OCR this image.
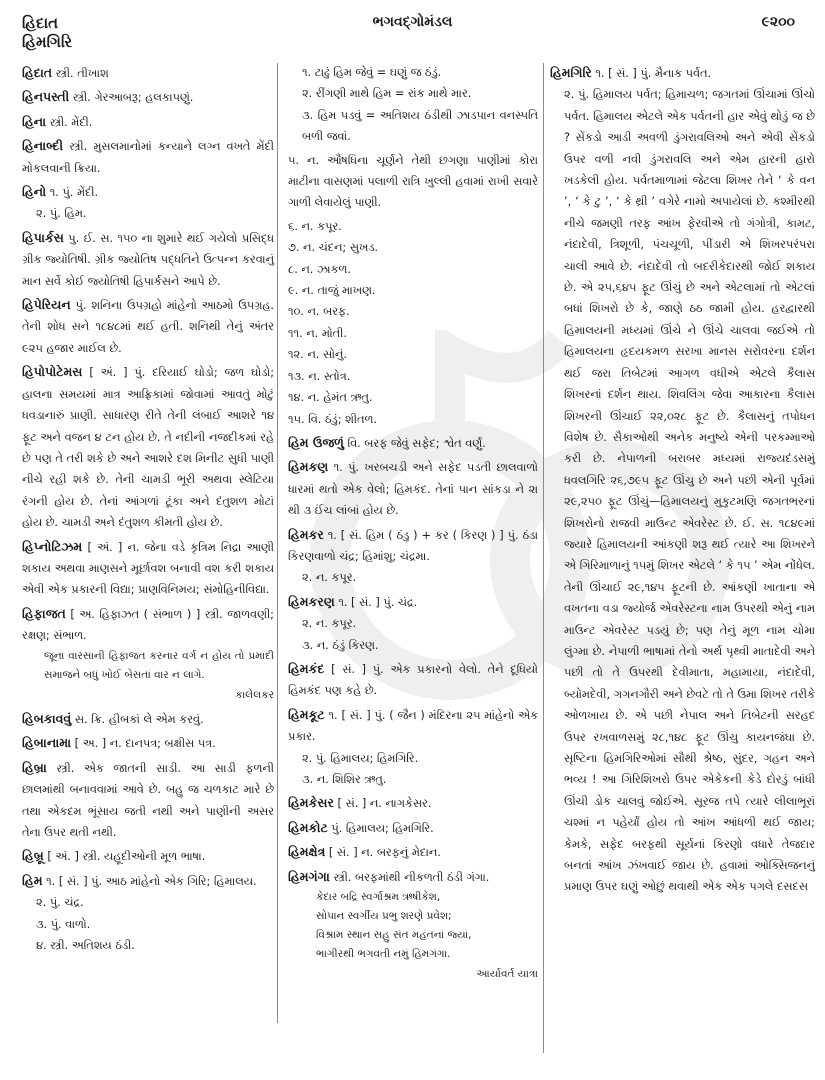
હિદાત
હિમગિરિ
ભગવદ્ગોમંડલ	૯૨૦૦
હિદાત સ્ત્રી. તીખાશ
હિનપસ્તી સ્ત્રી. ગેરઆબરૂ; હલકાપણું.
હિના સ્ત્રી. મેંદી.
હિનાબ્દી સ્ત્રી. મુસલમાનોમાં કન્યાને લગ્ન વખતે મેંદી મોકલવાની ક્રિયા.
હિનો ૧. પું. મેંદી.
૨. પું. હિમ.
હિપાર્કસ પુ. ઈ. સ. ૧૫૦ ના શુમારે થઈ ગયેલો પ્રસિદ્ધ ગ્રીક જ્યોતિષી. ગ્રીક જ્યોતિષ પદ્ધતિને ઉત્પન્ન કરવાનું માન સર્વે કોઈ જ્યોતિષી હિપાર્કસને આપે છે.
હિપેરિયન પું. શનિના ઉપગ્રહો માંહેનો આઠમો ઉપગ્રહ. તેની શોધ સને ૧૮૪૮માં થઈ હતી. શનિથી તેનું અંતર ૯૨૫ હજાર માઈલ છે.
હિપોપોટેમસ [ અં. ] પું. દરિયાઈ ઘોડો; જળ ઘોડો; હાલના સમયમાં માત્ર આફ્રિકામાં જોવામાં આવતું મોટું ધવડાનારું પ્રાણી. સાધારણ રીતે તેની લંબાઈ આશરે ૧૪ ફૂટ અને વજન ૪ ટન હોય છે. તે નદીની નજદીકમાં રહે છે પણ તે તરી શકે છે અને આશરે દશ મિનીટ સુધી પાણી નીચે રહી શકે છે. તેની ચામડી ભૂરી અથવા સ્લેટિયા રંગની હોય છે. તેનાં આંગળાં ટૂંકા અને દંતુશળ મોટાં હોય છે. ચામડી અને દંતુશળ કીમતી હોય છે.
હિપ્નોટિઝમ [ અં. ] ન. જેના વડે કૃત્રિમ નિદ્રા આણી શકાય અથવા માણસને મૂર્છાવશ બનાવી વશ કરી શકાય એવી એક પ્રકારની વિદ્યા; પ્રાણવિનિમય; સંમોહિનીવિદ્યા.
હિફાજત [ અ. હિફાઝત ( સંભાળ ) ] સ્ત્રી. જાળવણી; રક્ષણ; સંભાળ.
જૂના વારસાની હિફાજત કરનાર વર્ગ ન હોય તો પ્રમાદી સમાજને બધું ખોઈ બેસતાં વાર ન લાગે.
કાલેલકર
હિબકાવવું સ. ક્રિ. હીબકાં લે એમ કરવું.
હિબાનામા [ અ. ] ન. દાનપત્ર; બક્ષીસ પત્ર.
હિબ્રા સ્ત્રી. એક જાતની સાડી. આ સાડી ફળની છાલમાંથી બનાવવામાં આવે છે. બહુ જ ચળકાટ મારે છે તથા એકદમ ભૂંસાય જતી નથી અને પાણીની અસર તેના ઉપર થતી નથી.
હિબ્રૂ [ અં. ] સ્ત્રી. યહૂદીઓની મૂળ ભાષા.
હિમ ૧. [ સં. ] પું. આઠ માંહેનો એક ગિરિ; હિમાલય.
૨. પું. ચંદ્ર.
૩. પું. વાળો.
૪. સ્ત્રી. અતિશય ઠંડી.
૧. ટાઢું હિમ જેવું = ઘણું જ ઠંડું.
૨. રીંગણી માથે હિમ = રાંક માથે માર.
૩. હિમ પડવું = અતિશય ઠંડીથી ઝાડપાન વનસ્પતિ બળી જવાં.
૫. ન. ઔષધિના ચૂર્ણને તેથી છગણા પાણીમાં કોરા માટીના વાસણમાં પલાળી રાત્રિ ખુલ્લી હવામાં રાખી સવારે ગાળી લેવાયેલું પાણી.
૬. ન. કપૂર.
૭. ન. ચંદન; સુખડ.
૮. ન. ઝાકળ.
૯. ન. તાજું માખણ.
૧૦. ન. બરફ.
૧૧. ન. મોતી.
૧૨. ન. સોનું.
૧૩. ન. સ્તોત્ર.
૧૪. ન. હેમંત ઋતુ.
૧૫. વિ. ઠંડું; શીતળ.
હિમ ઉજળું વિ. બરફ જેવું સફેદ; શ્વેત વર્ણું.
હિમકણ ૧. પું. ખરબચડી અને સફેદ પડતી છાલવાળો ધારમાં થતો એક વેલો; હિમકંદ. તેનાં પાન સાંકડા ને ૨ા થી ૩ ઈંચ લાંબાં હોય છે.
હિમકર ૧. [ સં. હિમ ( ઠંડુ ) + કર ( કિરણ ) ] પું. ઠંડા કિરણવાળો ચંદ્ર; હિમાંશુ; ચંદ્રમા.
૨. ન. કપૂર.
હિમકરણ ૧. [ સં. ] પું. ચંદ્ર.
૨. ન. કપૂર.
૩. ન. ઠંડું કિરણ.
હિમકંદ [ સં. ] પું. એક પ્રકારનો વેલો. તેને દૂધિયો હિમકંદ પણ કહે છે.
હિમકૂટ ૧. [ સં. ] પું. ( જૈન ) મંદિરના ૨૫ માંહેનો એક પ્રકાર.
૨. પું. હિમાલય; હિમગિરિ.
૩. ન. શિશિર ઋતુ.
હિમકેસર [ સં. ] ન. નાગકેસર.
હિમકોટ પું. હિમાલય; હિમગિરિ.
હિમક્ષેત્ર [ સં. ] ન. બરફનું મેદાન.
હિમગંગા સ્ત્રી. બરફમાંથી નીકળતી ઠંડી ગંગા.
કેદાર બદ્રિ સ્વર્ગાશ્રમ ઋષીકેશ,
સોપાન સ્વર્ગીય પ્રભુ શરણે પ્રવેશ;
વિશ્રામ સ્થાન સહુ સંત મહંતનાં જ્યાં,
ભાગીરથી ભગવતી નમું હિમગંગા.
આર્યાવર્ત યાત્રા
હિમગિરિ ૧. [ સં. ] પું. મૈનાક પર્વત.
૨. પું. હિમાલય પર્વત; હિમાચળ; જગતમાં ઊંચામાં ઊંચો પર્વત. હિમાલય એટલે એક પર્વતની હાર એવું થોડું જ છે ? સેંકડો આડી અવળી ડુંગરાવલિઓ અને એવી સેંકડો ઉપર વળી નવી ડુંગરાવલિ અને એમ હારની હારો ખડકેલી હોય. પર્વતમાળામાં જેટલા શિખર તેને ‘ કે વન ’, ‘ કે ટુ ’, ‘ કે થ્રી ’ વગેરે નામો અપાયેલાં છે. કશ્મીરથી નીચે જમણી તરફ આંખ ફેરવીએ તો ગંગોત્રી, કામટ, નંદાદેવી, ત્રિશૂળી, પંચચૂળી, પીંડારી એ શિખરપરંપરા ચાલી આવે છે. નંદાદેવી તો બદરીકેદારથી જોઈ શકાય છે. એ ૨૫,૬૪૫ ફૂટ ઊંચું છે અને એટલામાં તો એટલાં બધાં શિખરો છે કે, જાણે ઠઠ જામી હોય. હરદ્વારથી હિમાલયની મધ્યમાં ઊંચે ને ઊંચે ચાલવા જઈએ તો હિમાલયના હૃદયકમળ સરખા માનસ સરોવરના દર્શન થઈ જરા તિબેટમાં આગળ વધીએ એટલે કૈલાસ શિખરનાં દર્શન થાય. શિવલિંગ જેવા આકારના કૈલાસ શિખરની ઊંચાઈ ૨૨,૦૨૮ ફૂટ છે. કૈલાસનું તપોધન વિશેષ છે. સૈકાઓથી અનેક મનુષ્યે એની પરકમ્માઓ કરી છે. નેપાળની બરાબર મધ્યમાં રાજ્યદંડસમું ધવલગિરિ ૨૬,૭૯૫ ફૂટ ઊંચુ છે અને પછી એની પૂર્વમાં ૨૯,૨૫૦ ફૂટ ઊંચું—હિમાલયનું મુકુટમણિ જગતભરનાં શિખરોનો રાજવી માઉન્ટ એવરેસ્ટ છે. ઈ. સ. ૧૮૪૯માં જ્યારે હિમાલયની આંકણી શરૂ થઈ ત્યારે આ શિખરને એ ગિરિમાળાનું ૧૫મું શિખર એટલે ‘ કે ૧૫ ’ એમ નોંધેલ. તેની ઊંચાઈ ૨૯,૧૪૫ ફૂટની છે. આંકણી ખાતાના એ વખતના વડા જ્યોર્જ એવરેસ્ટના નામ ઉપરથી એનું નામ માઉન્ટ એવરેસ્ટ પડયું છે; પણ તેનું મૂળ નામ ચોમા લુંગ્મા છે. નેપાળી ભાષામાં તેનો અર્થ પૃથ્વી માતાદેવી અને પછી તો તે ઉપરથી દેવીમાતા, મહામાયા, નંદાદેવી, બ્યોમદેવી, ગગનગૌરી અને છેવટે તો તે ઉમા શિખર તરીકે ઓળખાય છે. એ પછી નેપાલ અને તિબેટની સરહદ ઉપર રખવાળસમું ૨૮,૧૪૮ ફૂટ ઊંચુ કાયનજંઘા છે. સૃષ્ટિના હિમગિરિઓમાં સૌથી શ્રેષ્ઠ, સુંદર, ગહન અને ભવ્ય ! આ ગિરિશિખરો ઉપર એકેકની કેડે દોરડું બાંધી ઊંચી ડોક ચાલવું જોઈએ. સૂરજ તપે ત્યારે લીલાભૂરાં ચશ્માં ન પહેર્યાં હોય તો આંખ આંધળી થઈ જાય; કેમકે, સફેદ બરફથી સૂર્યનાં કિરણો વધારે તેજદાર બનતાં આંખ ઝંખવાઈ જાય છે. હવામાં ઓક્સિજનનું પ્રમાણ ઉપર ઘણું ઓછું થવાથી એક એક પગલે દસદસ
